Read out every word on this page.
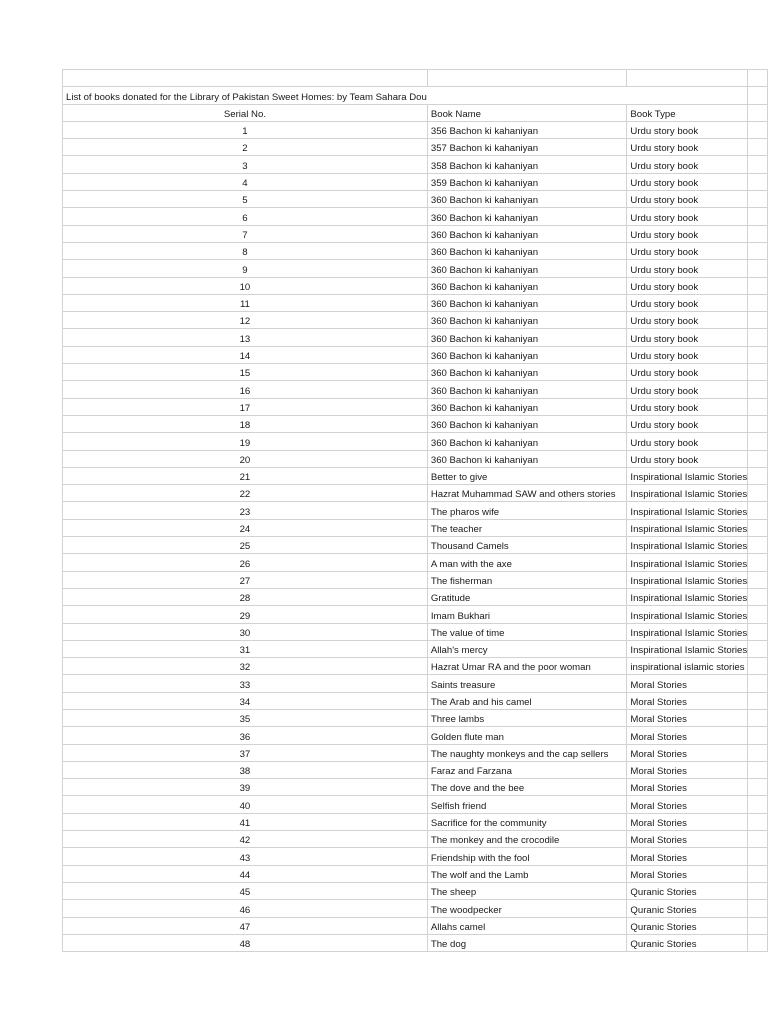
List of books donated for the Library of Pakistan Sweet Homes: by Team Sahara Dou			
Serial No.	Book Name	Book Type	
1	356 Bachon ki kahaniyan	Urdu story book	
2	357 Bachon ki kahaniyan	Urdu story book	
3	358 Bachon ki kahaniyan	Urdu story book	
4	359 Bachon ki kahaniyan	Urdu story book	
5	360 Bachon ki kahaniyan	Urdu story book	
6	360 Bachon ki kahaniyan	Urdu story book	
7	360 Bachon ki kahaniyan	Urdu story book	
8	360 Bachon ki kahaniyan	Urdu story book	
9	360 Bachon ki kahaniyan	Urdu story book	
10	360 Bachon ki kahaniyan	Urdu story book	
11	360 Bachon ki kahaniyan	Urdu story book	
12	360 Bachon ki kahaniyan	Urdu story book	
13	360 Bachon ki kahaniyan	Urdu story book	
14	360 Bachon ki kahaniyan	Urdu story book	
15	360 Bachon ki kahaniyan	Urdu story book	
16	360 Bachon ki kahaniyan	Urdu story book	
17	360 Bachon ki kahaniyan	Urdu story book	
18	360 Bachon ki kahaniyan	Urdu story book	
19	360 Bachon ki kahaniyan	Urdu story book	
20	360 Bachon ki kahaniyan	Urdu story book	
21	Better to give	Inspirational Islamic Stories	
22	Hazrat Muhammad SAW and others stories	Inspirational Islamic Stories	
23	The pharos wife	Inspirational Islamic Stories	
24	The teacher	Inspirational Islamic Stories	
25	Thousand Camels	Inspirational Islamic Stories	
26	A man with the axe	Inspirational Islamic Stories	
27	The fisherman	Inspirational Islamic Stories	
28	Gratitude	Inspirational Islamic Stories	
29	Imam Bukhari	Inspirational Islamic Stories	
30	The value of time	Inspirational Islamic Stories	
31	Allah's mercy	Inspirational Islamic Stories	
32	Hazrat Umar RA and the poor woman	inspirational islamic stories	
33	Saints treasure	Moral Stories	
34	The Arab and his camel	Moral Stories	
35	Three lambs	Moral Stories	
36	Golden flute man	Moral Stories	
37	The naughty monkeys and the cap sellers	Moral Stories	
38	Faraz and Farzana	Moral Stories	
39	The dove and the bee	Moral Stories	
40	Selfish friend	Moral Stories	
41	Sacrifice for the community	Moral Stories	
42	The monkey and the crocodile	Moral Stories	
43	Friendship with the fool	Moral Stories	
44	The wolf and the Lamb	Moral Stories	
45	The sheep	Quranic Stories	
46	The woodpecker	Quranic Stories	
47	Allahs camel	Quranic Stories	
48	The dog	Quranic Stories	
